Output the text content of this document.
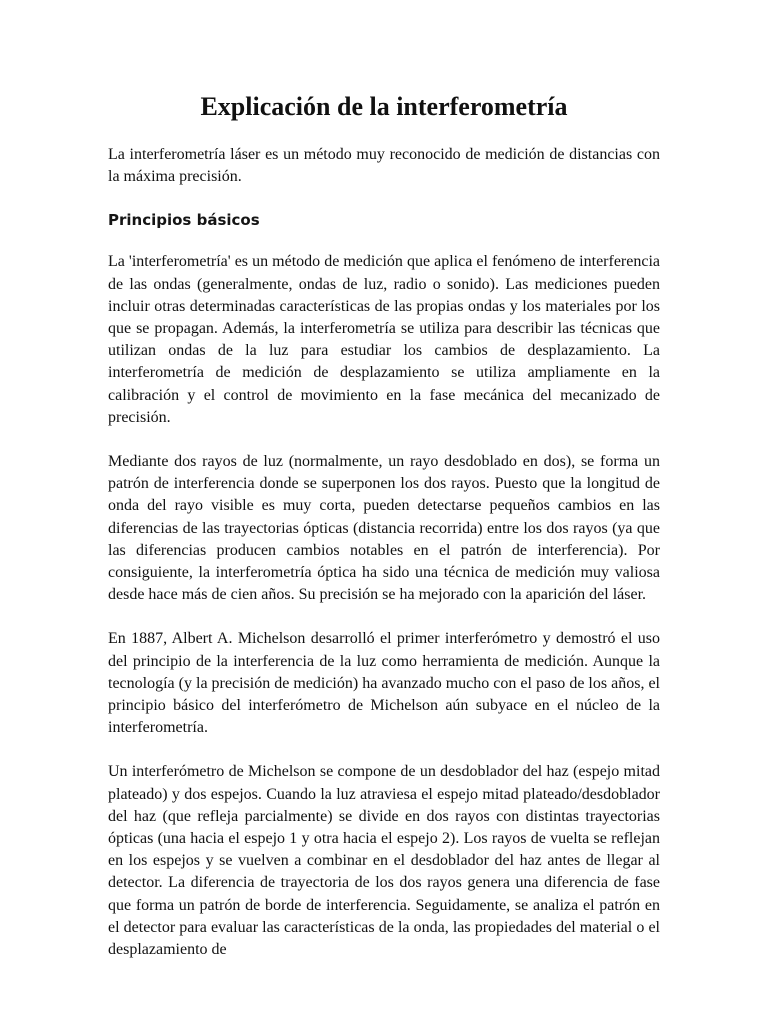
Explicación de la interferometría

La interferometría láser es un método muy reconocido de medición de distancias con la máxima precisión.

Principios básicos

La 'interferometría' es un método de medición que aplica el fenómeno de interferencia de las ondas (generalmente, ondas de luz, radio o sonido). Las mediciones pueden incluir otras determinadas características de las propias ondas y los materiales por los que se propagan. Además, la interferometría se utiliza para describir las técnicas que utilizan ondas de la luz para estudiar los cambios de desplazamiento. La interferometría de medición de desplazamiento se utiliza ampliamente en la calibración y el control de movimiento en la fase mecánica del mecanizado de precisión.

Mediante dos rayos de luz (normalmente, un rayo desdoblado en dos), se forma un patrón de interferencia donde se superponen los dos rayos. Puesto que la longitud de onda del rayo visible es muy corta, pueden detectarse pequeños cambios en las diferencias de las trayectorias ópticas (distancia recorrida) entre los dos rayos (ya que las diferencias producen cambios notables en el patrón de interferencia). Por consiguiente, la interferometría óptica ha sido una técnica de medición muy valiosa desde hace más de cien años. Su precisión se ha mejorado con la aparición del láser.

En 1887, Albert A. Michelson desarrolló el primer interferómetro y demostró el uso del principio de la interferencia de la luz como herramienta de medición. Aunque la tecnología (y la precisión de medición) ha avanzado mucho con el paso de los años, el principio básico del interferómetro de Michelson aún subyace en el núcleo de la interferometría.

Un interferómetro de Michelson se compone de un desdoblador del haz (espejo mitad plateado) y dos espejos. Cuando la luz atraviesa el espejo mitad plateado/desdoblador del haz (que refleja parcialmente) se divide en dos rayos con distintas trayectorias ópticas (una hacia el espejo 1 y otra hacia el espejo 2). Los rayos de vuelta se reflejan en los espejos y se vuelven a combinar en el desdoblador del haz antes de llegar al detector. La diferencia de trayectoria de los dos rayos genera una diferencia de fase que forma un patrón de borde de interferencia. Seguidamente, se analiza el patrón en el detector para evaluar las características de la onda, las propiedades del material o el desplazamiento de
